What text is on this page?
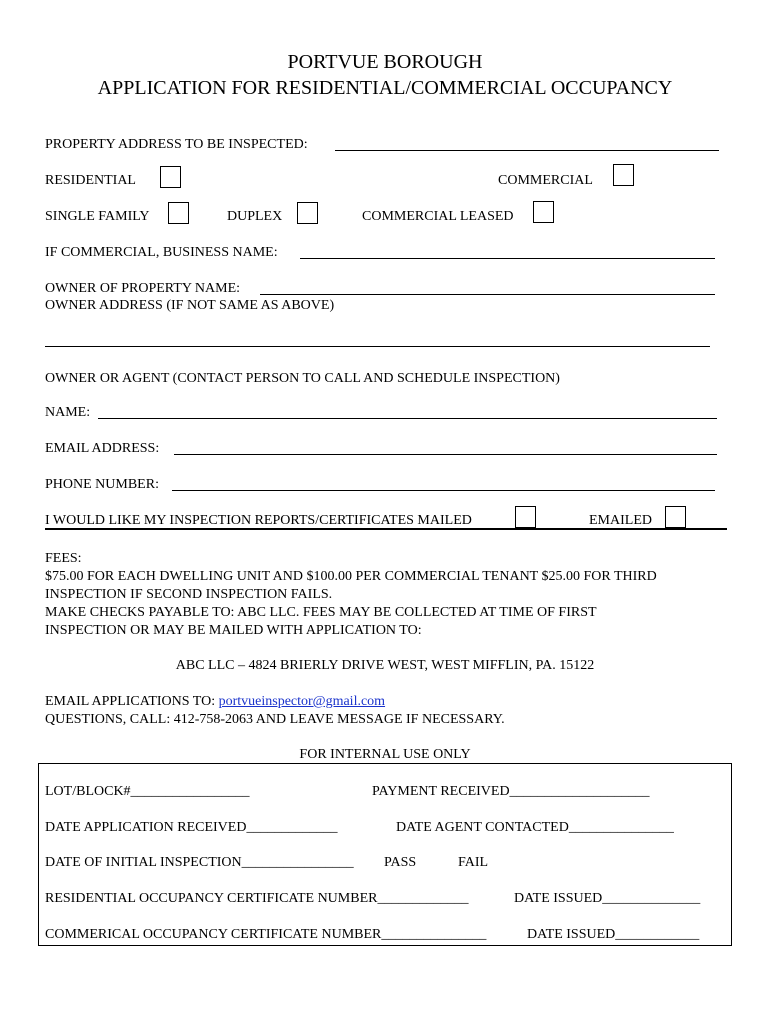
PORTVUE BOROUGH
APPLICATION FOR RESIDENTIAL/COMMERCIAL OCCUPANCY
PROPERTY ADDRESS TO BE INSPECTED:
RESIDENTIAL	COMMERCIAL
SINGLE FAMILY	DUPLEX	COMMERCIAL LEASED
IF COMMERCIAL, BUSINESS NAME:
OWNER OF PROPERTY NAME:
OWNER ADDRESS (IF NOT SAME AS ABOVE)
OWNER OR AGENT (CONTACT PERSON TO CALL AND SCHEDULE INSPECTION)
NAME:
EMAIL ADDRESS:
PHONE NUMBER:
I WOULD LIKE MY INSPECTION REPORTS/CERTIFICATES MAILED	EMAILED
FEES:
$75.00 FOR EACH DWELLING UNIT AND $100.00 PER COMMERCIAL TENANT $25.00 FOR THIRD
INSPECTION IF SECOND INSPECTION FAILS.
MAKE CHECKS PAYABLE TO: ABC LLC. FEES MAY BE COLLECTED AT TIME OF FIRST
INSPECTION OR MAY BE MAILED WITH APPLICATION TO:
ABC LLC – 4824 BRIERLY DRIVE WEST, WEST MIFFLIN, PA. 15122
EMAIL APPLICATIONS TO: portvueinspector@gmail.com
QUESTIONS, CALL: 412-758-2063 AND LEAVE MESSAGE IF NECESSARY.
FOR INTERNAL USE ONLY
LOT/BLOCK#_________________	PAYMENT RECEIVED____________________
DATE APPLICATION RECEIVED_____________	DATE AGENT CONTACTED_______________
DATE OF INITIAL INSPECTION________________ PASS	FAIL
RESIDENTIAL OCCUPANCY CERTIFICATE NUMBER_____________	DATE ISSUED______________
COMMERICAL OCCUPANCY CERTIFICATE NUMBER_______________	DATE ISSUED____________
